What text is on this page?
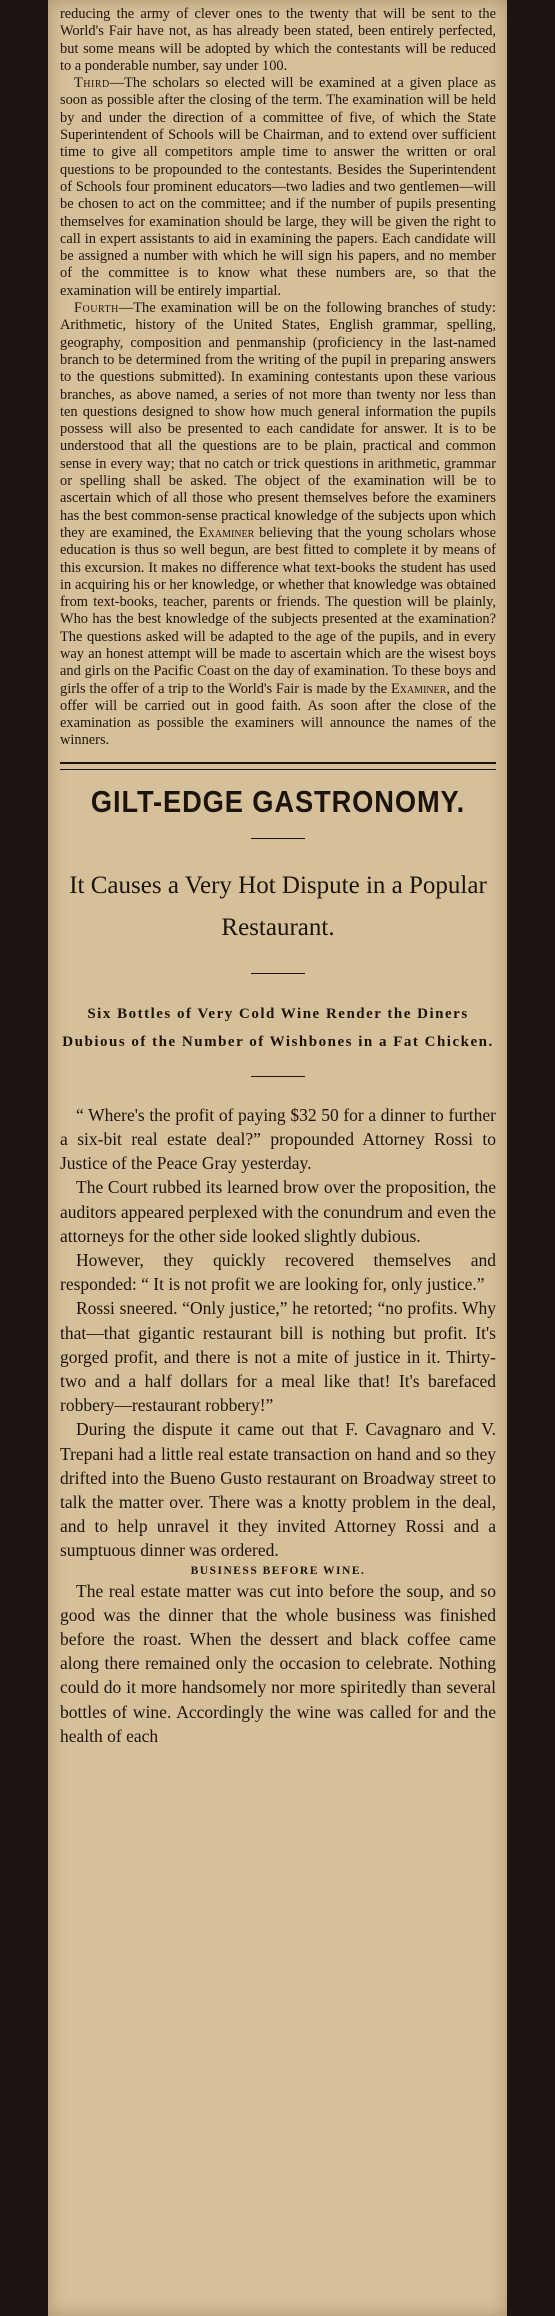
reducing the army of clever ones to the twenty that will be sent to the World's Fair have not, as has already been stated, been entirely perfected, but some means will be adopted by which the contestants will be reduced to a ponderable number, say under 100.

Third—The scholars so elected will be examined at a given place as soon as possible after the closing of the term. The examination will be held by and under the direction of a committee of five, of which the State Superintendent of Schools will be Chairman, and to extend over sufficient time to give all competitors ample time to answer the written or oral questions to be propounded to the contestants. Besides the Superintendent of Schools four prominent educators—two ladies and two gentlemen—will be chosen to act on the committee; and if the number of pupils presenting themselves for examination should be large, they will be given the right to call in expert assistants to aid in examining the papers. Each candidate will be assigned a number with which he will sign his papers, and no member of the committee is to know what these numbers are, so that the examination will be entirely impartial.

Fourth—The examination will be on the following branches of study: Arithmetic, history of the United States, English grammar, spelling, geography, composition and penmanship (proficiency in the last-named branch to be determined from the writing of the pupil in preparing answers to the questions submitted). In examining contestants upon these various branches, as above named, a series of not more than twenty nor less than ten questions designed to show how much general information the pupils possess will also be presented to each candidate for answer. It is to be understood that all the questions are to be plain, practical and common sense in every way; that no catch or trick questions in arithmetic, grammar or spelling shall be asked. The object of the examination will be to ascertain which of all those who present themselves before the examiners has the best common-sense practical knowledge of the subjects upon which they are examined, the Examiner believing that the young scholars whose education is thus so well begun, are best fitted to complete it by means of this excursion. It makes no difference what text-books the student has used in acquiring his or her knowledge, or whether that knowledge was obtained from text-books, teacher, parents or friends. The question will be plainly, Who has the best knowledge of the subjects presented at the examination? The questions asked will be adapted to the age of the pupils, and in every way an honest attempt will be made to ascertain which are the wisest boys and girls on the Pacific Coast on the day of examination. To these boys and girls the offer of a trip to the World's Fair is made by the Examiner, and the offer will be carried out in good faith. As soon after the close of the examination as possible the examiners will announce the names of the winners.

GILT-EDGE GASTRONOMY.
It Causes a Very Hot Dispute in a Popular Restaurant.
Six Bottles of Very Cold Wine Render the Diners Dubious of the Number of Wishbones in a Fat Chicken.

“ Where's the profit of paying $32 50 for a dinner to further a six-bit real estate deal?” propounded Attorney Rossi to Justice of the Peace Gray yesterday.

The Court rubbed its learned brow over the proposition, the auditors appeared perplexed with the conundrum and even the attorneys for the other side looked slightly dubious.

However, they quickly recovered themselves and responded: “ It is not profit we are looking for, only justice.”

Rossi sneered. “Only justice,” he retorted; “no profits. Why that—that gigantic restaurant bill is nothing but profit. It's gorged profit, and there is not a mite of justice in it. Thirty-two and a half dollars for a meal like that! It's barefaced robbery—restaurant robbery!”

During the dispute it came out that F. Cavagnaro and V. Trepani had a little real estate transaction on hand and so they drifted into the Bueno Gusto restaurant on Broadway street to talk the matter over. There was a knotty problem in the deal, and to help unravel it they invited Attorney Rossi and a sumptuous dinner was ordered.

BUSINESS BEFORE WINE.

The real estate matter was cut into before the soup, and so good was the dinner that the whole business was finished before the roast. When the dessert and black coffee came along there remained only the occasion to celebrate. Nothing could do it more handsomely nor more spiritedly than several bottles of wine. Accordingly the wine was called for and the health of each
